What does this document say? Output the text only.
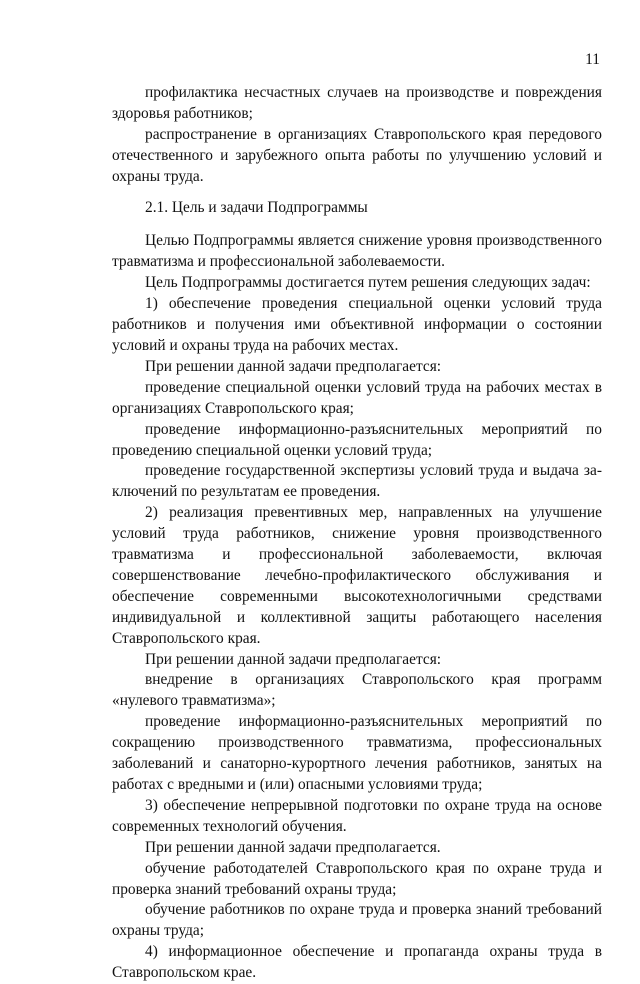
11

профилактика несчастных случаев на производстве и повреждения здоровья работников;

распространение в организациях Ставропольского края передового отечественного и зарубежного опыта работы по улучшению условий и охраны труда.

2.1. Цель и задачи Подпрограммы

Целью Подпрограммы является снижение уровня производственного травматизма и профессиональной заболеваемости.

Цель Подпрограммы достигается путем решения следующих задач:

1) обеспечение проведения специальной оценки условий труда работников и получения ими объективной информации о состоянии условий и охраны труда на рабочих местах.

При решении данной задачи предполагается:

проведение специальной оценки условий труда на рабочих местах в организациях Ставропольского края;

проведение информационно-разъяснительных мероприятий по проведению специальной оценки условий труда;

проведение государственной экспертизы условий труда и выдача заключений по результатам ее проведения.

2) реализация превентивных мер, направленных на улучшение условий труда работников, снижение уровня производственного травматизма и профессиональной заболеваемости, включая совершенствование лечебно-профилактического обслуживания и обеспечение современными высокотехнологичными средствами индивидуальной и коллективной защиты работающего населения Ставропольского края.

При решении данной задачи предполагается:

внедрение в организациях Ставропольского края программ «нулевого травматизма»;

проведение информационно-разъяснительных мероприятий по сокращению производственного травматизма, профессиональных заболеваний и санаторно-курортного лечения работников, занятых на работах с вредными и (или) опасными условиями труда;

3) обеспечение непрерывной подготовки по охране труда на основе современных технологий обучения.

При решении данной задачи предполагается.

обучение работодателей Ставропольского края по охране труда и проверка знаний требований охраны труда;

обучение работников по охране труда и проверка знаний требований охраны труда;

4) информационное обеспечение и пропаганда охраны труда в Ставропольском крае.
